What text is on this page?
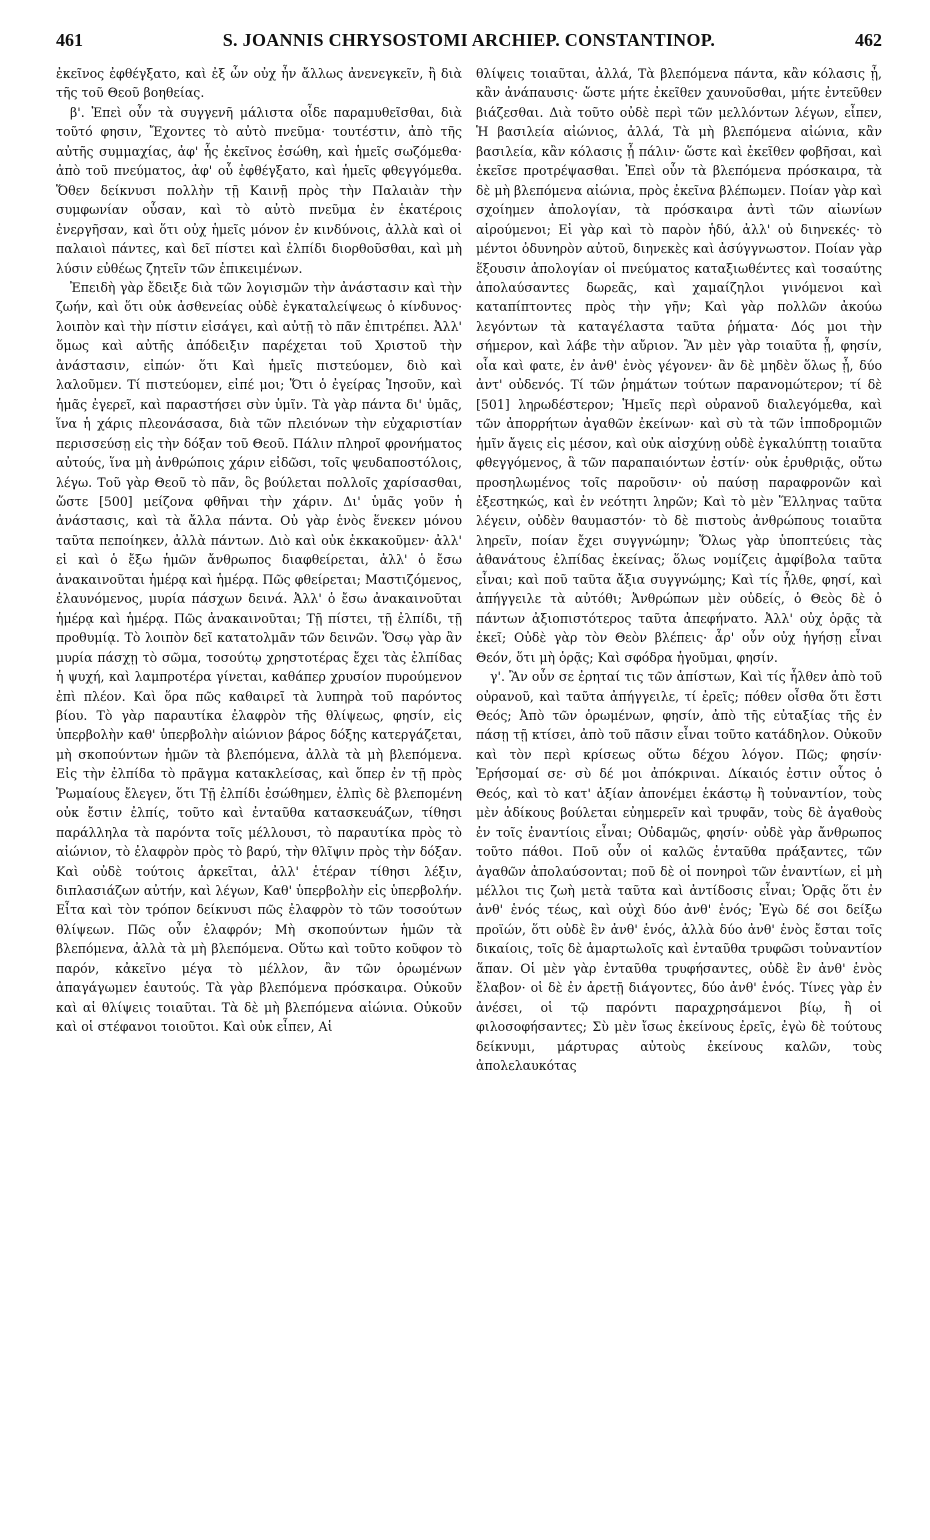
461	S. JOANNIS CHRYSOSTOMI ARCHIEP. CONSTANTINOP.	462

ἐκεῖνος ἐφθέγξατο, καὶ ἐξ ὧν οὐχ ἦν ἄλλως ἀνενεγκεῖν, ἢ διὰ τῆς τοῦ Θεοῦ βοηθείας.

β'. Ἐπεὶ οὖν τὰ συγγενῆ μάλιστα οἶδε παραμυθεῖσθαι, διὰ τοῦτό φησιν, Ἔχοντες τὸ αὐτὸ πνεῦμα· τουτέστιν, ἀπὸ τῆς αὐτῆς συμμαχίας, ἀφ' ἧς ἐκεῖνος ἐσώθη, καὶ ἡμεῖς σωζόμεθα· ἀπὸ τοῦ πνεύματος, ἀφ' οὗ ἐφθέγξατο, καὶ ἡμεῖς φθεγγόμεθα. Ὅθεν δείκνυσι πολλὴν τῇ Καινῇ πρὸς τὴν Παλαιὰν τὴν συμφωνίαν οὖσαν, καὶ τὸ αὐτὸ πνεῦμα ἐν ἑκατέροις ἐνεργῆσαν, καὶ ὅτι οὐχ ἡμεῖς μόνον ἐν κινδύνοις, ἀλλὰ καὶ οἱ παλαιοὶ πάντες, καὶ δεῖ πίστει καὶ ἐλπίδι διορθοῦσθαι, καὶ μὴ λύσιν εὐθέως ζητεῖν τῶν ἐπικειμένων.

Ἐπειδὴ γὰρ ἔδειξε διὰ τῶν λογισμῶν τὴν ἀνάστασιν καὶ τὴν ζωήν, καὶ ὅτι οὐκ ἀσθενείας οὐδὲ ἐγκαταλείψεως ὁ κίνδυνος· λοιπὸν καὶ τὴν πίστιν εἰσάγει, καὶ αὐτῇ τὸ πᾶν ἐπιτρέπει. Ἀλλ' ὅμως καὶ αὐτῆς ἀπόδειξιν παρέχεται τοῦ Χριστοῦ τὴν ἀνάστασιν, εἰπών· ὅτι Καὶ ἡμεῖς πιστεύομεν, διὸ καὶ λαλοῦμεν. Τί πιστεύομεν, εἰπέ μοι; Ὅτι ὁ ἐγείρας Ἰησοῦν, καὶ ἡμᾶς ἐγερεῖ, καὶ παραστήσει σὺν ὑμῖν. Τὰ γὰρ πάντα δι' ὑμᾶς, ἵνα ἡ χάρις πλεονάσασα, διὰ τῶν πλειόνων τὴν εὐχαριστίαν περισσεύσῃ εἰς τὴν δόξαν τοῦ Θεοῦ. Πάλιν πληροῖ φρονήματος αὐτούς, ἵνα μὴ ἀνθρώποις χάριν εἰδῶσι, τοῖς ψευδαποστόλοις, λέγω. Τοῦ γὰρ Θεοῦ τὸ πᾶν, ὃς βούλεται πολλοῖς χαρίσασθαι, ὥστε [500] μείζονα φθῆναι τὴν χάριν. Δι' ὑμᾶς γοῦν ἡ ἀνάστασις, καὶ τὰ ἄλλα πάντα. Οὐ γὰρ ἑνὸς ἕνεκεν μόνου ταῦτα πεποίηκεν, ἀλλὰ πάντων. Διὸ καὶ οὐκ ἐκκακοῦμεν· ἀλλ' εἰ καὶ ὁ ἔξω ἡμῶν ἄνθρωπος διαφθείρεται, ἀλλ' ὁ ἔσω ἀνακαινοῦται ἡμέρᾳ καὶ ἡμέρᾳ. Πῶς φθείρεται; Μαστιζόμενος, ἐλαυνόμενος, μυρία πάσχων δεινά. Ἀλλ' ὁ ἔσω ἀνακαινοῦται ἡμέρᾳ καὶ ἡμέρᾳ. Πῶς ἀνακαινοῦται; Τῇ πίστει, τῇ ἐλπίδι, τῇ προθυμίᾳ. Τὸ λοιπὸν δεῖ κατατολμᾶν τῶν δεινῶν. Ὅσῳ γὰρ ἂν μυρία πάσχῃ τὸ σῶμα, τοσούτῳ χρηστοτέρας ἔχει τὰς ἐλπίδας ἡ ψυχή, καὶ λαμπροτέρα γίνεται, καθάπερ χρυσίον πυρούμενον ἐπὶ πλέον. Καὶ ὅρα πῶς καθαιρεῖ τὰ λυπηρὰ τοῦ παρόντος βίου. Τὸ γὰρ παραυτίκα ἐλαφρὸν τῆς θλίψεως, φησίν, εἰς ὑπερβολὴν καθ' ὑπερβολὴν αἰώνιον βάρος δόξης κατεργάζεται, μὴ σκοπούντων ἡμῶν τὰ βλεπόμενα, ἀλλὰ τὰ μὴ βλεπόμενα. Εἰς τὴν ἐλπίδα τὸ πρᾶγμα κατακλείσας, καὶ ὅπερ ἐν τῇ πρὸς Ῥωμαίους ἔλεγεν, ὅτι Τῇ ἐλπίδι ἐσώθημεν, ἐλπὶς δὲ βλεπομένη οὐκ ἔστιν ἐλπίς, τοῦτο καὶ ἐνταῦθα κατασκευάζων, τίθησι παράλληλα τὰ παρόντα τοῖς μέλλουσι, τὸ παραυτίκα πρὸς τὸ αἰώνιον, τὸ ἐλαφρὸν πρὸς τὸ βαρύ, τὴν θλῖψιν πρὸς τὴν δόξαν. Καὶ οὐδὲ τούτοις ἀρκεῖται, ἀλλ' ἑτέραν τίθησι λέξιν, διπλασιάζων αὐτήν, καὶ λέγων, Καθ' ὑπερβολὴν εἰς ὑπερβολήν. Εἶτα καὶ τὸν τρόπον δείκνυσι πῶς ἐλαφρὸν τὸ τῶν τοσούτων θλίψεων. Πῶς οὖν ἐλαφρόν; Μὴ σκοπούντων ἡμῶν τὰ βλεπόμενα, ἀλλὰ τὰ μὴ βλεπόμενα. Οὕτω καὶ τοῦτο κοῦφον τὸ παρόν, κἀκεῖνο μέγα τὸ μέλλον, ἂν τῶν ὁρωμένων ἀπαγάγωμεν ἑαυτούς. Τὰ γὰρ βλεπόμενα πρόσκαιρα. Οὐκοῦν καὶ αἱ θλίψεις τοιαῦται. Τὰ δὲ μὴ βλεπόμενα αἰώνια. Οὐκοῦν καὶ οἱ στέφανοι τοιοῦτοι. Καὶ οὐκ εἶπεν, Αἱ

θλίψεις τοιαῦται, ἀλλά, Τὰ βλεπόμενα πάντα, κἂν κόλασις ᾖ, κἂν ἀνάπαυσις· ὥστε μήτε ἐκεῖθεν χαυνοῦσθαι, μήτε ἐντεῦθεν βιάζεσθαι. Διὰ τοῦτο οὐδὲ περὶ τῶν μελλόντων λέγων, εἶπεν, Ἡ βασιλεία αἰώνιος, ἀλλά, Τὰ μὴ βλεπόμενα αἰώνια, κἂν βασιλεία, κἂν κόλασις ᾖ πάλιν· ὥστε καὶ ἐκεῖθεν φοβῆσαι, καὶ ἐκεῖσε προτρέψασθαι. Ἐπεὶ οὖν τὰ βλεπόμενα πρόσκαιρα, τὰ δὲ μὴ βλεπόμενα αἰώνια, πρὸς ἐκεῖνα βλέπωμεν. Ποίαν γὰρ καὶ σχοίημεν ἀπολογίαν, τὰ πρόσκαιρα ἀντὶ τῶν αἰωνίων αἱρούμενοι; Εἰ γὰρ καὶ τὸ παρὸν ἡδύ, ἀλλ' οὐ διηνεκές· τὸ μέντοι ὀδυνηρὸν αὐτοῦ, διηνεκὲς καὶ ἀσύγγνωστον. Ποίαν γὰρ ἕξουσιν ἀπολογίαν οἱ πνεύματος καταξιωθέντες καὶ τοσαύτης ἀπολαύσαντες δωρεᾶς, καὶ χαμαίζηλοι γινόμενοι καὶ καταπίπτοντες πρὸς τὴν γῆν; Καὶ γὰρ πολλῶν ἀκούω λεγόντων τὰ καταγέλαστα ταῦτα ῥήματα· Δός μοι τὴν σήμερον, καὶ λάβε τὴν αὔριον. Ἂν μὲν γὰρ τοιαῦτα ᾖ, φησίν, οἷα καὶ φατε, ἐν ἀνθ' ἑνὸς γέγονεν· ἂν δὲ μηδὲν ὅλως ᾖ, δύο ἀντ' οὐδενός. Τί τῶν ῥημάτων τούτων παρανομώτερον; τί δὲ [501] ληρωδέστερον; Ἡμεῖς περὶ οὐρανοῦ διαλεγόμεθα, καὶ τῶν ἀπορρήτων ἀγαθῶν ἐκείνων· καὶ σὺ τὰ τῶν ἱπποδρομιῶν ἡμῖν ἄγεις εἰς μέσον, καὶ οὐκ αἰσχύνῃ οὐδὲ ἐγκαλύπτῃ τοιαῦτα φθεγγόμενος, ἃ τῶν παραπαιόντων ἐστίν· οὐκ ἐρυθριᾷς, οὕτω προσηλωμένος τοῖς παροῦσιν· οὐ παύσῃ παραφρονῶν καὶ ἐξεστηκώς, καὶ ἐν νεότητι ληρῶν; Καὶ τὸ μὲν Ἕλληνας ταῦτα λέγειν, οὐδὲν θαυμαστόν· τὸ δὲ πιστοὺς ἀνθρώπους τοιαῦτα ληρεῖν, ποίαν ἔχει συγγνώμην; Ὅλως γὰρ ὑποπτεύεις τὰς ἀθανάτους ἐλπίδας ἐκείνας; ὅλως νομίζεις ἀμφίβολα ταῦτα εἶναι; καὶ ποῦ ταῦτα ἄξια συγγνώμης; Καὶ τίς ἦλθε, φησί, καὶ ἀπήγγειλε τὰ αὐτόθι; Ἀνθρώπων μὲν οὐδείς, ὁ Θεὸς δὲ ὁ πάντων ἀξιοπιστότερος ταῦτα ἀπεφήνατο. Ἀλλ' οὐχ ὁρᾷς τὰ ἐκεῖ; Οὐδὲ γὰρ τὸν Θεὸν βλέπεις· ἆρ' οὖν οὐχ ἡγήσῃ εἶναι Θεόν, ὅτι μὴ ὁρᾷς; Καὶ σφόδρα ἡγοῦμαι, φησίν.

γ'. Ἂν οὖν σε ἐρηταί τις τῶν ἀπίστων, Καὶ τίς ἦλθεν ἀπὸ τοῦ οὐρανοῦ, καὶ ταῦτα ἀπήγγειλε, τί ἐρεῖς; πόθεν οἶσθα ὅτι ἔστι Θεός; Ἀπὸ τῶν ὁρωμένων, φησίν, ἀπὸ τῆς εὐταξίας τῆς ἐν πάσῃ τῇ κτίσει, ἀπὸ τοῦ πᾶσιν εἶναι τοῦτο κατάδηλον. Οὐκοῦν καὶ τὸν περὶ κρίσεως οὕτω δέχου λόγον. Πῶς; φησίν· Ἐρήσομαί σε· σὺ δέ μοι ἀπόκριναι. Δίκαιός ἐστιν οὗτος ὁ Θεός, καὶ τὸ κατ' ἀξίαν ἀπονέμει ἑκάστῳ ἢ τοὐναντίον, τοὺς μὲν ἀδίκους βούλεται εὐημερεῖν καὶ τρυφᾶν, τοὺς δὲ ἀγαθοὺς ἐν τοῖς ἐναντίοις εἶναι; Οὐδαμῶς, φησίν· οὐδὲ γὰρ ἄνθρωπος τοῦτο πάθοι. Ποῦ οὖν οἱ καλῶς ἐνταῦθα πράξαντες, τῶν ἀγαθῶν ἀπολαύσονται; ποῦ δὲ οἱ πονηροὶ τῶν ἐναντίων, εἰ μὴ μέλλοι τις ζωὴ μετὰ ταῦτα καὶ ἀντίδοσις εἶναι; Ὁρᾷς ὅτι ἐν ἀνθ' ἑνός τέως, καὶ οὐχὶ δύο ἀνθ' ἑνός; Ἐγὼ δέ σοι δείξω προϊών, ὅτι οὐδὲ ἓν ἀνθ' ἑνός, ἀλλὰ δύο ἀνθ' ἑνὸς ἔσται τοῖς δικαίοις, τοῖς δὲ ἁμαρτωλοῖς καὶ ἐνταῦθα τρυφῶσι τοὐναντίον ἅπαν. Οἱ μὲν γὰρ ἐνταῦθα τρυφήσαντες, οὐδὲ ἓν ἀνθ' ἑνὸς ἔλαβον· οἱ δὲ ἐν ἀρετῇ διάγοντες, δύο ἀνθ' ἑνός. Τίνες γὰρ ἐν ἀνέσει, οἱ τῷ παρόντι παραχρησάμενοι βίῳ, ἢ οἱ φιλοσοφήσαντες; Σὺ μὲν ἴσως ἐκείνους ἐρεῖς, ἐγὼ δὲ τούτους δείκνυμι, μάρτυρας αὐτοὺς ἐκείνους καλῶν, τοὺς ἀπολελαυκότας
